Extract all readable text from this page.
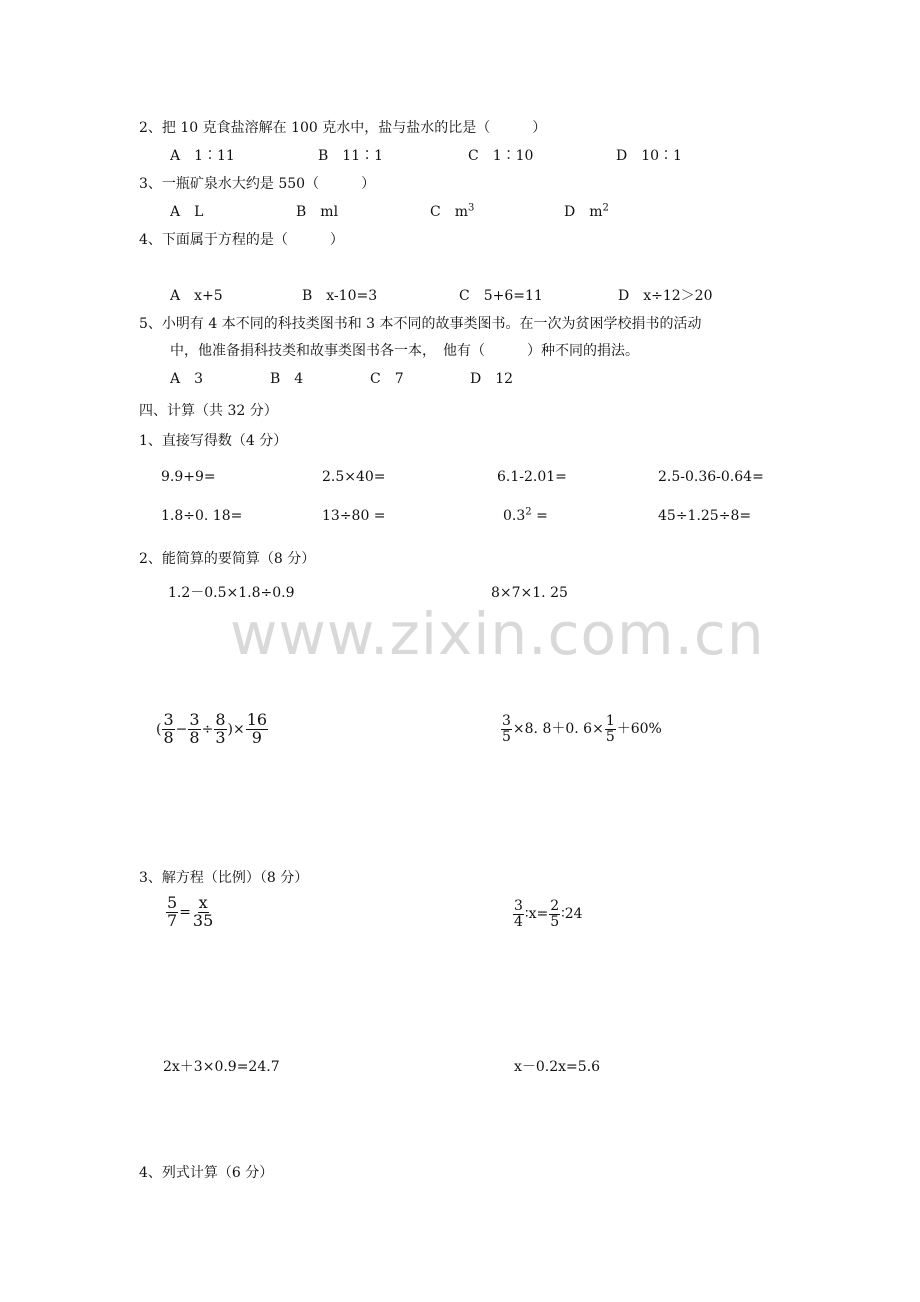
www.zixin.com.cn
2、把 10 克食盐溶解在 100 克水中，盐与盐水的比是（　　　）
A　1∶11	B　11∶1	C　1∶10	D　10∶1
3、一瓶矿泉水大约是 550（　　　）
A　L	B　ml	C　$m^3$	D　$m^2$
4、下面属于方程的是（　　　）
A　x+5	B　x-10=3	C　5+6=11	D　x÷12＞20
5、小明有 4 本不同的科技类图书和 3 本不同的故事类图书。在一次为贫困学校捐书的活动
中，他准备捐科技类和故事类图书各一本，　他有（　　　）种不同的捐法。
A　3	B　4	C　7	D　12
四、计算（共 32 分）
1、直接写得数（4 分）
9.9+9=	2.5×40=	6.1-2.01=	2.5-0.36-0.64=
1.8÷0. 18=	13÷80 =	$0.3^2$ =	45÷1.25÷8=
2、能简算的要简算（8 分）
1.2－0.5×1.8÷0.9	8×7×1. 25
( $\frac{3}{8} - \frac{3}{8} \div \frac{8}{3}$ )× $\frac{16}{9}$	$\frac{3}{5} \times 8$. 8＋0. $6\times \frac{1}{5} +60\%$
3、解方程（比例）（8 分）
$\frac{5}{7} = \frac{x}{35}$	$\frac{3}{4}$ ∶x= $\frac{2}{5}$ ∶24
2x＋3×0.9=24.7	x－0.2x=5.6
4、列式计算（6 分）
